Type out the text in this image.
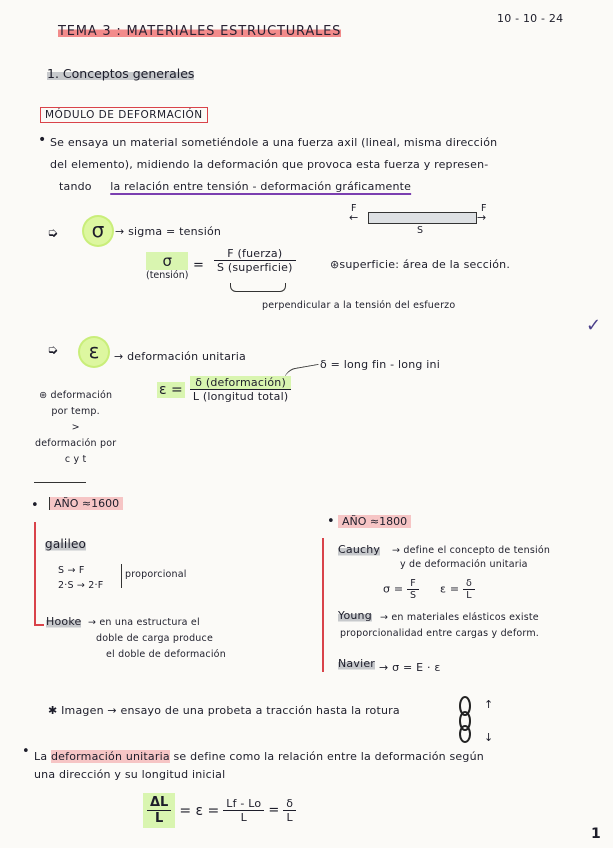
TEMA 3 : MATERIALES ESTRUCTURALES
10 - 10 - 24
1. Conceptos generales
MÓDULO DE DEFORMACIÓN
• Se ensaya un material sometiéndole a una fuerza axil (lineal, misma dirección
del elemento), midiendo la deformación que provoca esta fuerza y represen-
tando la relación entre tensión - deformación gráficamente
F
←
F
→
S
➭	σ → sigma = tensión
σ
(tensión)
=
F (fuerza)
S (superficie)	⊛superficie: área de la sección.
perpendicular a la tensión del esfuerzo
✓
➭	ε	→ deformación unitaria
δ = long fin - long ini
$\varepsilon = \frac{\text{δ (deformación)}}{\text{L (longitud total)}}$
⊛ deformación
por temp.
>
deformación por
c y t
•	AÑO ≈1600
galileo
S → F
2·S → 2·F
proporcional
Hooke → en una estructura el
doble de carga produce
el doble de deformación
• AÑO ≈1800
Cauchy → define el concepto de tensión
y de deformación unitaria
$\sigma = \frac{F}{S}$ $\varepsilon = \frac{\delta}{L}$
Young → en materiales elásticos existe
proporcionalidad entre cargas y deform.
Navier → σ = E · ε
✱ Imagen → ensayo de una probeta a tracción hasta la rotura	↑
↓
• La deformación unitaria se define como la relación entre la deformación según
una dirección y su longitud inicial
$\frac{\Delta L}{L} = \varepsilon = \frac{Lf - Lo}{L} = \frac{\delta}{L}$
1
